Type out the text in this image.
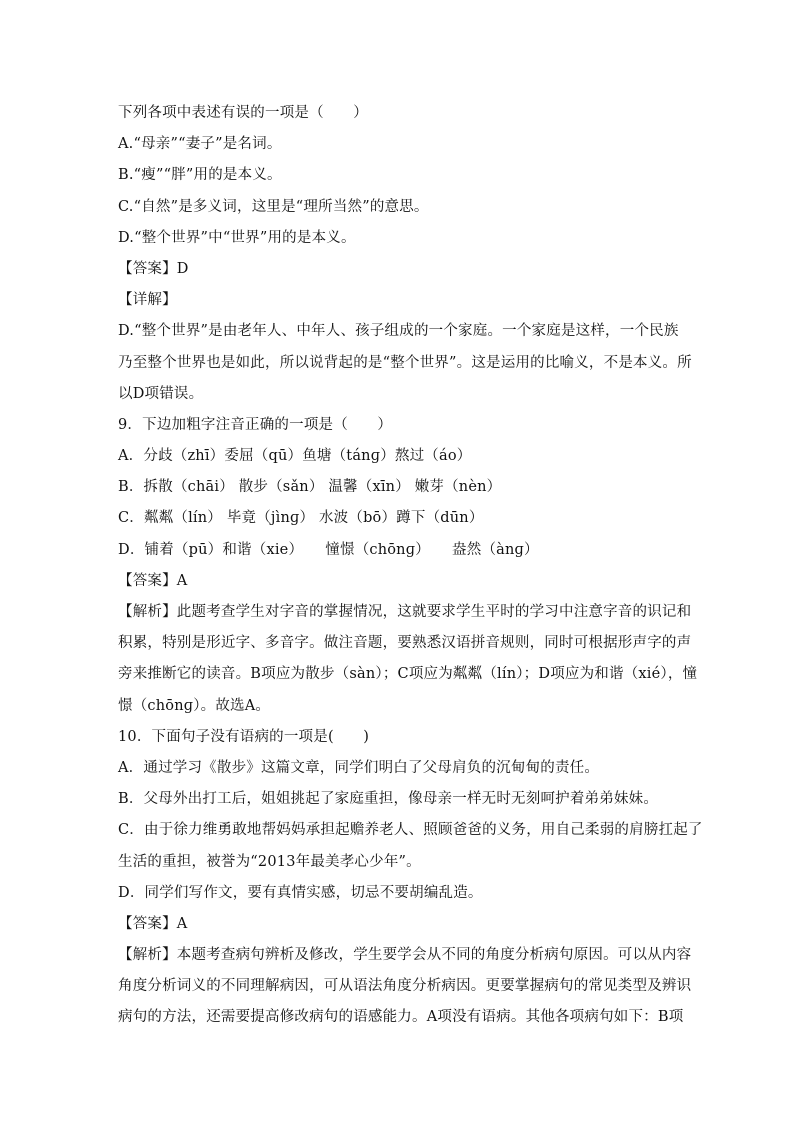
下列各项中表述有误的一项是（　　）
A.“母亲”“妻子”是名词。
B.“瘦”“胖”用的是本义。
C.“自然”是多义词，这里是“理所当然”的意思。
D.“整个世界”中“世界”用的是本义。
【答案】D
【详解】
D.“整个世界”是由老年人、中年人、孩子组成的一个家庭。一个家庭是这样，一个民族
乃至整个世界也是如此，所以说背起的是“整个世界”。这是运用的比喻义，不是本义。所
以D项错误。
9．下边加粗字注音正确的一项是（　　）
A．分歧（zhī）委屈（qū）鱼塘（tánɡ）熬过（áo）
B．拆散（chāi） 散步（sǎn） 温馨（xīn） 嫩芽（nèn）
C．粼粼（lín） 毕竟（jìnɡ） 水波（bō）蹲下（dūn）
D．铺着（pū）和谐（xie）　　憧憬（chōnɡ）　　盎然（ànɡ）
【答案】A
【解析】此题考查学生对字音的掌握情况，这就要求学生平时的学习中注意字音的识记和
积累，特别是形近字、多音字。做注音题，要熟悉汉语拼音规则，同时可根据形声字的声
旁来推断它的读音。B项应为散步（sàn）；C项应为粼粼（lín）；D项应为和谐（xié），憧
憬（chōnɡ）。故选A。
10．下面句子没有语病的一项是(　　)
A．通过学习《散步》这篇文章，同学们明白了父母肩负的沉甸甸的责任。
B．父母外出打工后，姐姐挑起了家庭重担，像母亲一样无时无刻呵护着弟弟妹妹。
C．由于徐力维勇敢地帮妈妈承担起赡养老人、照顾爸爸的义务，用自己柔弱的肩膀扛起了
生活的重担，被誉为“2013年最美孝心少年”。
D．同学们写作文，要有真情实感，切忌不要胡编乱造。
【答案】A
【解析】本题考查病句辨析及修改，学生要学会从不同的角度分析病句原因。可以从内容
角度分析词义的不同理解病因，可从语法角度分析病因。更要掌握病句的常见类型及辨识
病句的方法，还需要提高修改病句的语感能力。A项没有语病。其他各项病句如下：B项
